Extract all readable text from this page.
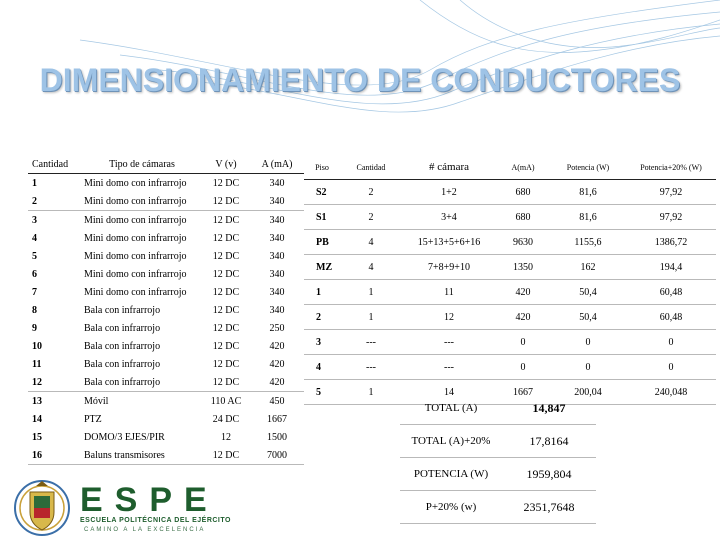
DIMENSIONAMIENTO DE CONDUCTORES
Cantidad	Tipo de cámaras	V (v)	A (mA)
1	Mini domo con infrarrojo	12 DC	340
2	Mini domo con infrarrojo	12 DC	340
3	Mini domo con infrarrojo	12 DC	340
4	Mini domo con infrarrojo	12 DC	340
5	Mini domo con infrarrojo	12 DC	340
6	Mini domo con infrarrojo	12 DC	340
7	Mini domo con infrarrojo	12 DC	340
8	Bala con infrarrojo	12 DC	340
9	Bala con infrarrojo	12 DC	250
10	Bala con infrarrojo	12 DC	420
11	Bala con infrarrojo	12 DC	420
12	Bala con infrarrojo	12 DC	420
13	Móvil	110 AC	450
14	PTZ	24 DC	1667
15	DOMO/3 EJES/PIR	12	1500
16	Baluns transmisores	12 DC	7000
Piso	Cantidad	# cámara	A(mA)	Potencia (W)	Potencia+20% (W)
S2	2	1+2	680	81,6	97,92
S1	2	3+4	680	81,6	97,92
PB	4	15+13+5+6+16	9630	1155,6	1386,72
MZ	4	7+8+9+10	1350	162	194,4
1	1	11	420	50,4	60,48
2	1	12	420	50,4	60,48
3	---	---	0	0	0
4	---	---	0	0	0
5	1	14	1667	200,04	240,048
TOTAL (A)	14,847
TOTAL (A)+20%	17,8164
POTENCIA (W)	1959,804
P+20% (w)	2351,7648
ESPE
ESCUELA POLITÉCNICA DEL EJÉRCITO
CAMINO A LA EXCELENCIA
